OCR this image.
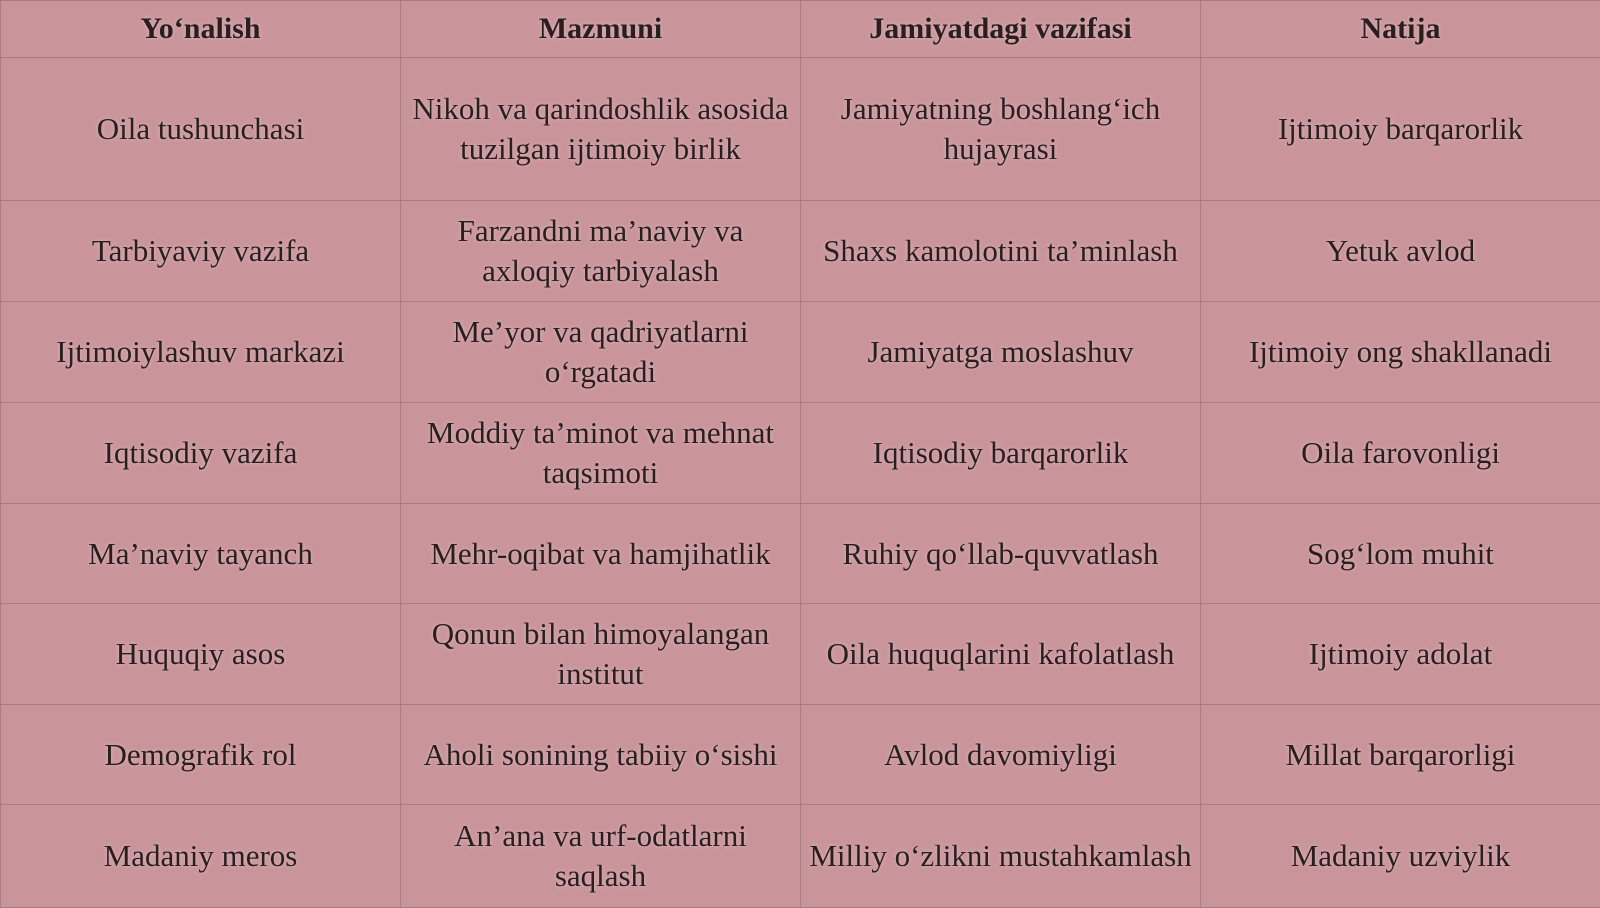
Yo‘nalish	Mazmuni	Jamiyatdagi vazifasi	Natija
Oila tushunchasi	Nikoh va qarindoshlik asosida tuzilgan ijtimoiy birlik	Jamiyatning boshlang‘ich hujayrasi	Ijtimoiy barqarorlik
Tarbiyaviy vazifa	Farzandni ma’naviy va axloqiy tarbiyalash	Shaxs kamolotini ta’minlash	Yetuk avlod
Ijtimoiylashuv markazi	Me’yor va qadriyatlarni o‘rgatadi	Jamiyatga moslashuv	Ijtimoiy ong shakllanadi
Iqtisodiy vazifa	Moddiy ta’minot va mehnat taqsimoti	Iqtisodiy barqarorlik	Oila farovonligi
Ma’naviy tayanch	Mehr-oqibat va hamjihatlik	Ruhiy qo‘llab-quvvatlash	Sog‘lom muhit
Huquqiy asos	Qonun bilan himoyalangan institut	Oila huquqlarini kafolatlash	Ijtimoiy adolat
Demografik rol	Aholi sonining tabiiy o‘sishi	Avlod davomiyligi	Millat barqarorligi
Madaniy meros	An’ana va urf-odatlarni saqlash	Milliy o‘zlikni mustahkamlash	Madaniy uzviylik
